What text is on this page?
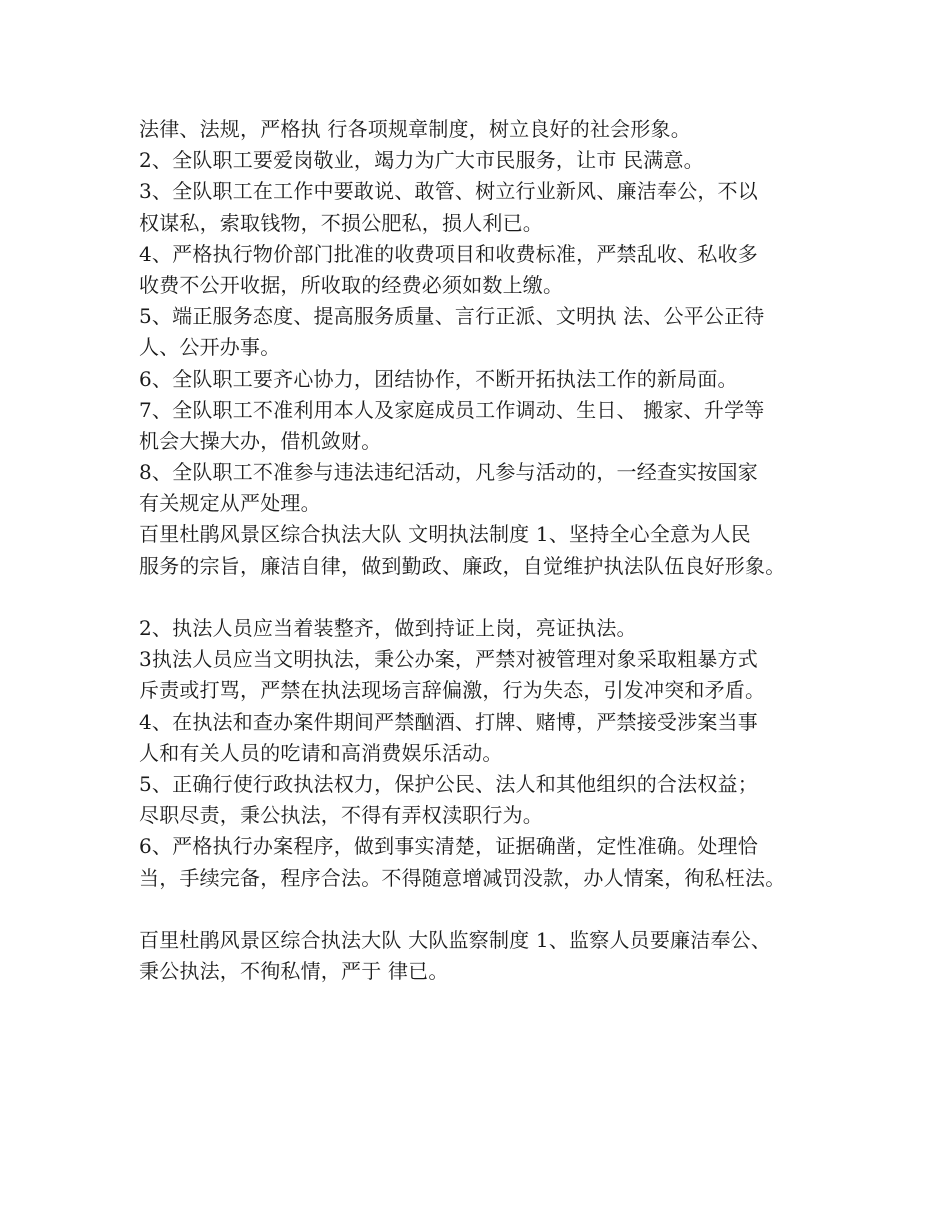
法律、法规，严格执 行各项规章制度，树立良好的社会形象。
2、全队职工要爱岗敬业，竭力为广大市民服务，让市 民满意。
3、全队职工在工作中要敢说、敢管、树立行业新风、廉洁奉公，不以
权谋私，索取钱物，不损公肥私，损人利已。
4、严格执行物价部门批准的收费项目和收费标准，严禁乱收、私收多
收费不公开收据，所收取的经费必须如数上缴。
5、端正服务态度、提高服务质量、言行正派、文明执 法、公平公正待
人、公开办事。
6、全队职工要齐心协力，团结协作，不断开拓执法工作的新局面。
7、全队职工不准利用本人及家庭成员工作调动、生日、 搬家、升学等
机会大操大办，借机敛财。
8、全队职工不准参与违法违纪活动，凡参与活动的，一经查实按国家
有关规定从严处理。
百里杜鹃风景区综合执法大队 文明执法制度 1、坚持全心全意为人民
服务的宗旨，廉洁自律，做到勤政、廉政，自觉维护执法队伍良好形象。
2、执法人员应当着装整齐，做到持证上岗，亮证执法。
3执法人员应当文明执法，秉公办案，严禁对被管理对象采取粗暴方式
斥责或打骂，严禁在执法现场言辞偏激，行为失态，引发冲突和矛盾。
4、在执法和查办案件期间严禁酗酒、打牌、赌博，严禁接受涉案当事
人和有关人员的吃请和高消费娱乐活动。
5、正确行使行政执法权力，保护公民、法人和其他组织的合法权益；
尽职尽责，秉公执法，不得有弄权渎职行为。
6、严格执行办案程序，做到事实清楚，证据确凿，定性准确。处理恰
当，手续完备，程序合法。不得随意增减罚没款，办人情案，徇私枉法。
百里杜鹃风景区综合执法大队 大队监察制度 1、监察人员要廉洁奉公、
秉公执法，不徇私情，严于 律已。
